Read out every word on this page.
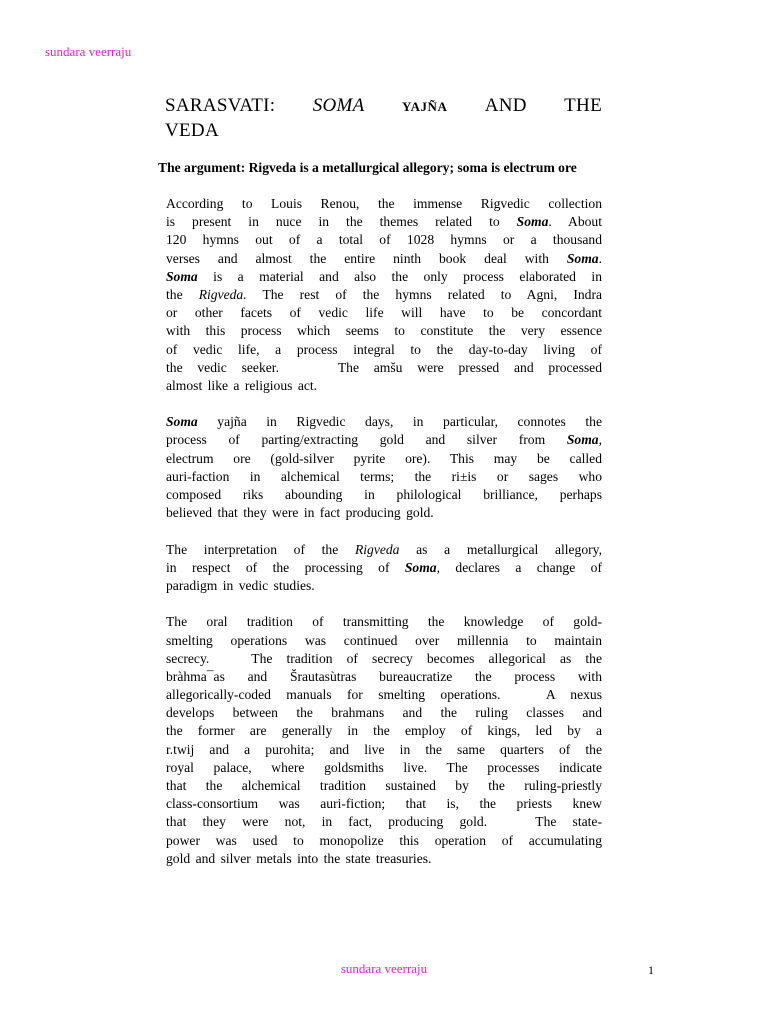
sundara veerraju
SARASVATI: SOMA	YAJÑA AND THE
VEDA
The argument: Rigveda is a metallurgical allegory; soma is electrum ore
According to Louis Renou, the immense Rigvedic collection
is present in nuce in the themes related to Soma. About
120 hymns out of a total of 1028 hymns or a thousand
verses and almost the entire ninth book deal with Soma.
Soma is a material and also the only process elaborated in
the Rigveda. The rest of the hymns related to Agni, Indra
or other facets of vedic life will have to be concordant
with this process which seems to constitute the very essence
of vedic life, a process integral to the day-to-day living of
the vedic seeker.    The amšu were pressed and processed
almost like a religious act.
Soma yajña in Rigvedic days, in particular, connotes the
process of parting/extracting gold and silver from Soma,
electrum ore (gold-silver pyrite ore). This may be called
auri-faction in alchemical terms; the ri±is or sages who
composed riks abounding in philological brilliance, perhaps
believed that they were in fact producing gold.
The interpretation of the Rigveda as a metallurgical allegory,
in respect of the processing of Soma, declares a change of
paradigm in vedic studies.
The oral tradition of transmitting the knowledge of gold-
smelting operations was continued over millennia to maintain
secrecy.   The tradition of secrecy becomes allegorical as the
bràhma¯as and Šrautasùtras bureaucratize the process with
allegorically-coded manuals for smelting operations.   A nexus
develops between the brahmans and the ruling classes and
the former are generally in the employ of kings, led by a
r.twij and a purohita; and live in the same quarters of the
royal palace, where goldsmiths live. The processes indicate
that the alchemical tradition sustained by the ruling-priestly
class-consortium was auri-fiction; that is, the priests knew
that they were not, in fact, producing gold.   The state-
power was used to monopolize this operation of accumulating
gold and silver metals into the state treasuries.
sundara veerraju	1
